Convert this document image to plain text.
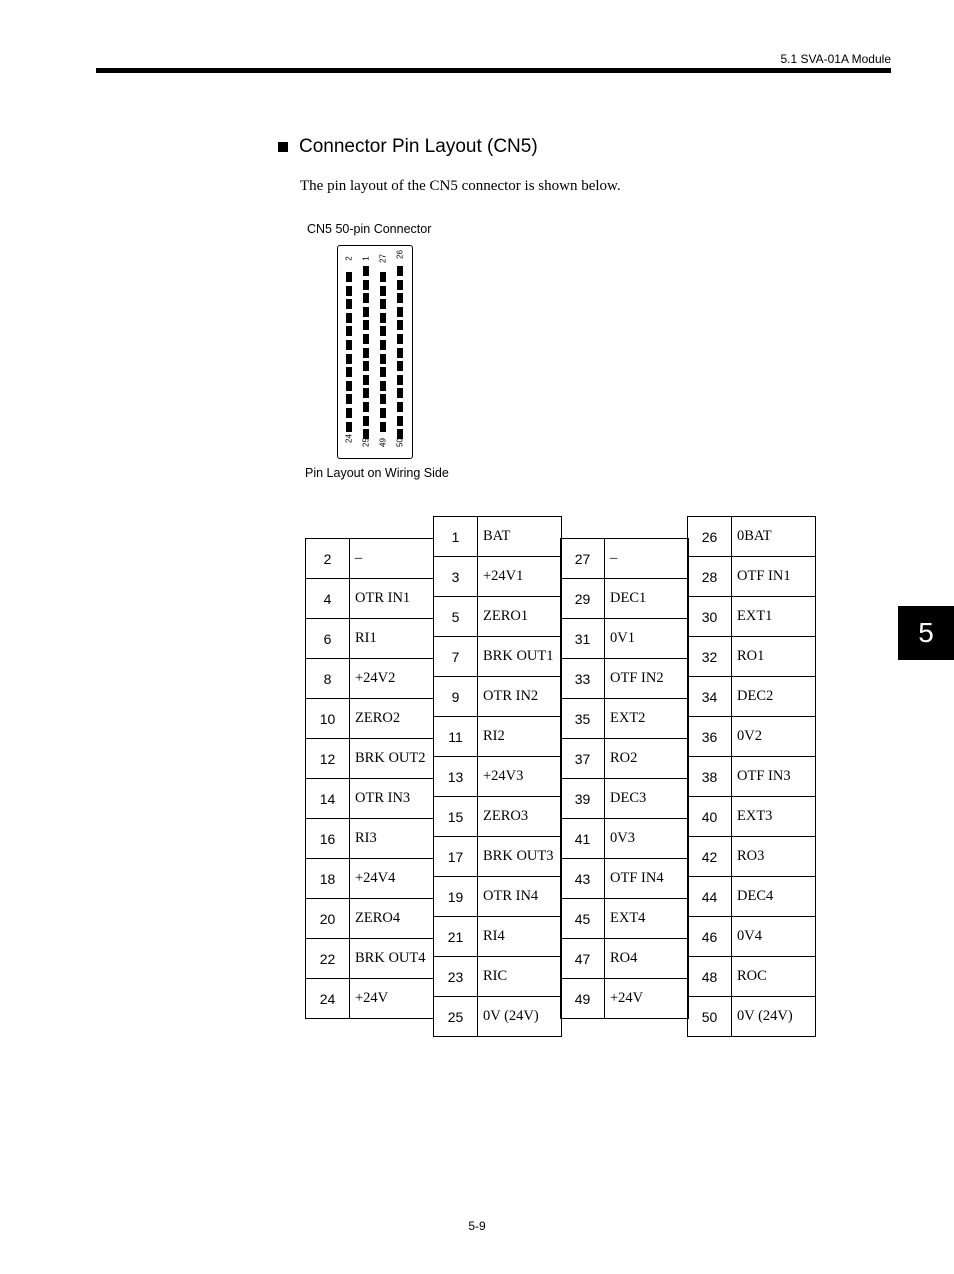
5.1 SVA-01A Module
5
Connector Pin Layout (CN5)
The pin layout of the CN5 connector is shown below.
CN5 50-pin Connector
2
24
1
25
27
49
26
50
Pin Layout on Wiring Side
2	–
4	OTR IN1
6	RI1
8	+24V2
10	ZERO2
12	BRK OUT2
14	OTR IN3
16	RI3
18	+24V4
20	ZERO4
22	BRK OUT4
24	+24V
1	BAT
3	+24V1
5	ZERO1
7	BRK OUT1
9	OTR IN2
11	RI2
13	+24V3
15	ZERO3
17	BRK OUT3
19	OTR IN4
21	RI4
23	RIC
25	0V (24V)
27	–
29	DEC1
31	0V1
33	OTF IN2
35	EXT2
37	RO2
39	DEC3
41	0V3
43	OTF IN4
45	EXT4
47	RO4
49	+24V
26	0BAT
28	OTF IN1
30	EXT1
32	RO1
34	DEC2
36	0V2
38	OTF IN3
40	EXT3
42	RO3
44	DEC4
46	0V4
48	ROC
50	0V (24V)
5-9
